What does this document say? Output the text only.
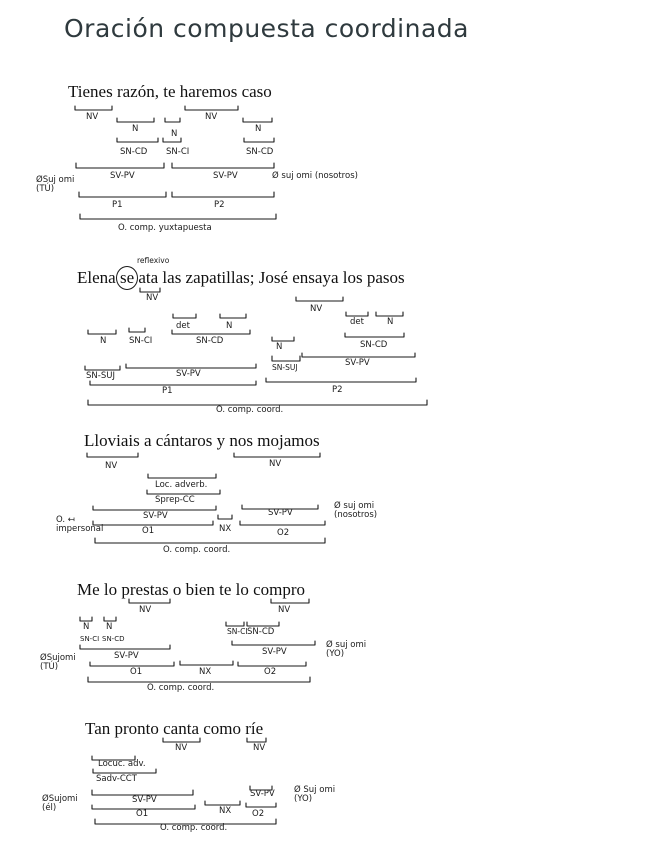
Oración compuesta coordinada
Tienes razón, te haremos caso
NV	NV
N	N	N
SN-CD SN-CI	SN-CD
SV-PV	SV-PV
ØSuj omi (TÚ)
Ø suj omi (nosotros)
P1	P2
O. comp. yuxtapuesta
Elena se ata las zapatillas; José ensaya los pasos
reflexivo
NV
NV
det	N	det	N
N	SN-CI
N
SN-CD	SN-CD
SV-PV
SN-SUJ
SN-SUJ
SV-PV
P1	P2
O. comp. coord.
Lloviais a cántaros y nos mojamos
NV	NV
Loc. adverb.
Sprep-CC
SV-PV	SV-PV
Ø suj omi (nosotros)
O. ↤ impersonal	O1	NX	O2
O. comp. coord.
Me lo prestas o bien te lo compro
NV	NV
N N
SN-CI SN-CD
SN-CI SN-CD
ØSujomi (TÚ)
Ø suj omi (YO)
SV-PV	SV-PV
O1	NX	O2
O. comp. coord.
Tan pronto canta como ríe
NV	NV
Locuc. adv.
Sadv-CCT
ØSujomi (él)
SV-PV
SV-PV Ø Suj omi (YO)
O1	NX O2
O. comp. coord.
